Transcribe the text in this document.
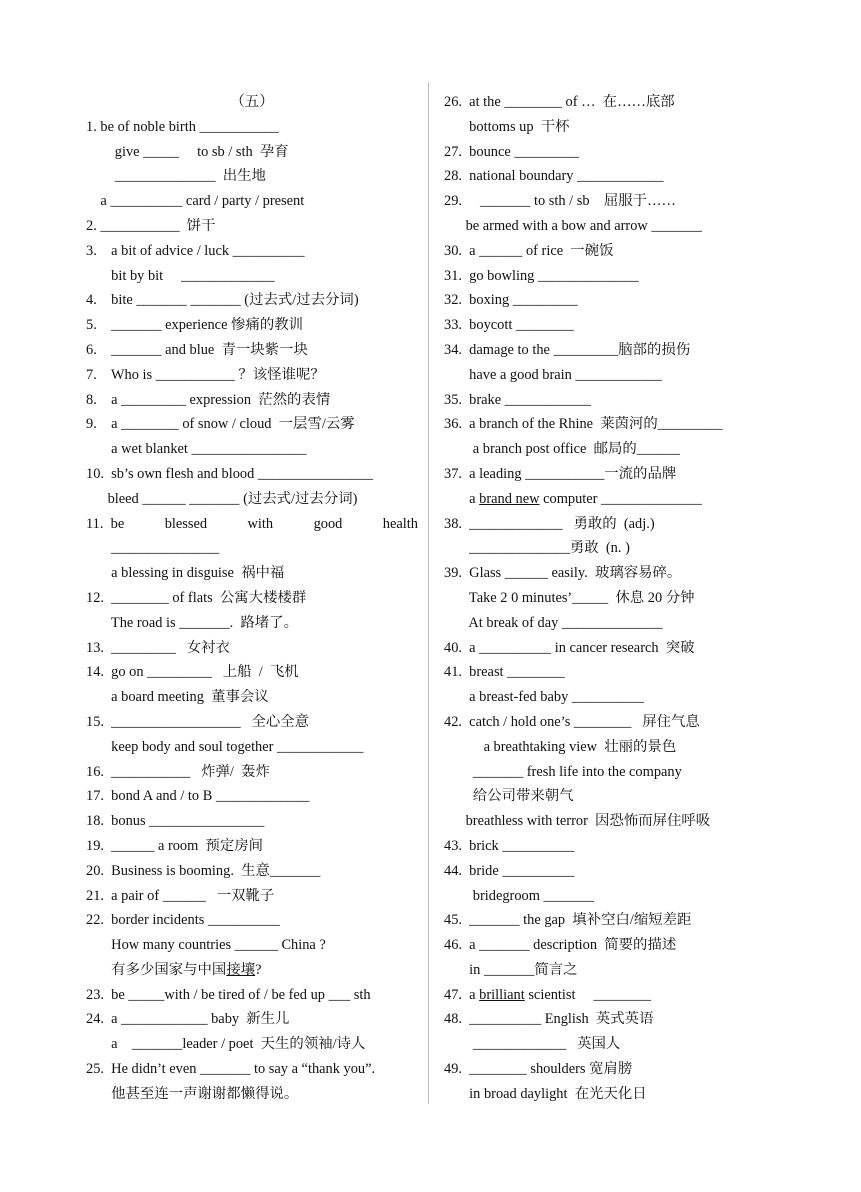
（五）
1. be of noble birth ___________
give _____     to sb / sth  孕育
______________  出生地
a __________ card / party / present
2. ___________  饼干
3.    a bit of advice / luck __________
bit by bit     _____________
4.    bite _______ _______ (过去式/过去分词)
5.    _______ experience 惨痛的教训
6.    _______ and blue  青一块紫一块
7.    Who is ___________ ？该怪谁呢？
8.    a _________ expression  茫然的表情
9.    a ________ of snow / cloud  一层雪/云雾
a wet blanket ________________
10.  sb’s own flesh and blood ________________
bleed ______ _______ (过去式/过去分词)
11.  be	blessed	with	good	health
_______________
a blessing in disguise  祸中福
12.  ________ of flats  公寓大楼楼群
The road is _______.  路堵了。
13.  _________   女衬衣
14.  go on _________   上船  /  飞机
a board meeting  董事会议
15.  __________________   全心全意
keep body and soul together ____________
16.  ___________   炸弹/  轰炸
17.  bond A and / to B _____________
18.  bonus ________________
19.  ______ a room  预定房间
20.  Business is booming.  生意_______
21.  a pair of ______   一双靴子
22.  border incidents __________
How many countries ______ China ?
有多少国家与中国接壤?
23.  be _____with / be tired of / be fed up ___ sth
24.  a ____________ baby  新生儿
a    _______leader / poet  天生的领袖/诗人
25.  He didn’t even _______ to say a “thank you”.
他甚至连一声谢谢都懒得说。
26.  at the ________ of …  在……底部
bottoms up  干杯
27.  bounce _________
28.  national boundary ____________
29.     _______ to sth / sb    屈服于……
be armed with a bow and arrow _______
30.  a ______ of rice  一碗饭
31.  go bowling ______________
32.  boxing _________
33.  boycott ________
34.  damage to the _________脑部的损伤
have a good brain ____________
35.  brake ____________
36.  a branch of the Rhine  莱茵河的_________
a branch post office  邮局的______
37.  a leading ___________一流的品牌
a brand new computer ______________
38.  _____________   勇敢的  (adj.)
______________勇敢  (n. )
39.  Glass ______ easily.  玻璃容易碎。
Take 2 0 minutes’_____  休息 20 分钟
At break of day ______________
40.  a __________ in cancer research  突破
41.  breast ________
a breast-fed baby __________
42.  catch / hold one’s ________   屏住气息
a breathtaking view  壮丽的景色
_______ fresh life into the company
给公司带来朝气
breathless with terror  因恐怖而屏住呼吸
43.  brick __________
44.  bride __________
bridegroom _______
45.  _______ the gap  填补空白/缩短差距
46.  a _______ description  简要的描述
in _______简言之
47.  a brilliant scientist     ________
48.  __________ English  英式英语
_____________   英国人
49.  ________ shoulders 宽肩膀
in broad daylight  在光天化日
